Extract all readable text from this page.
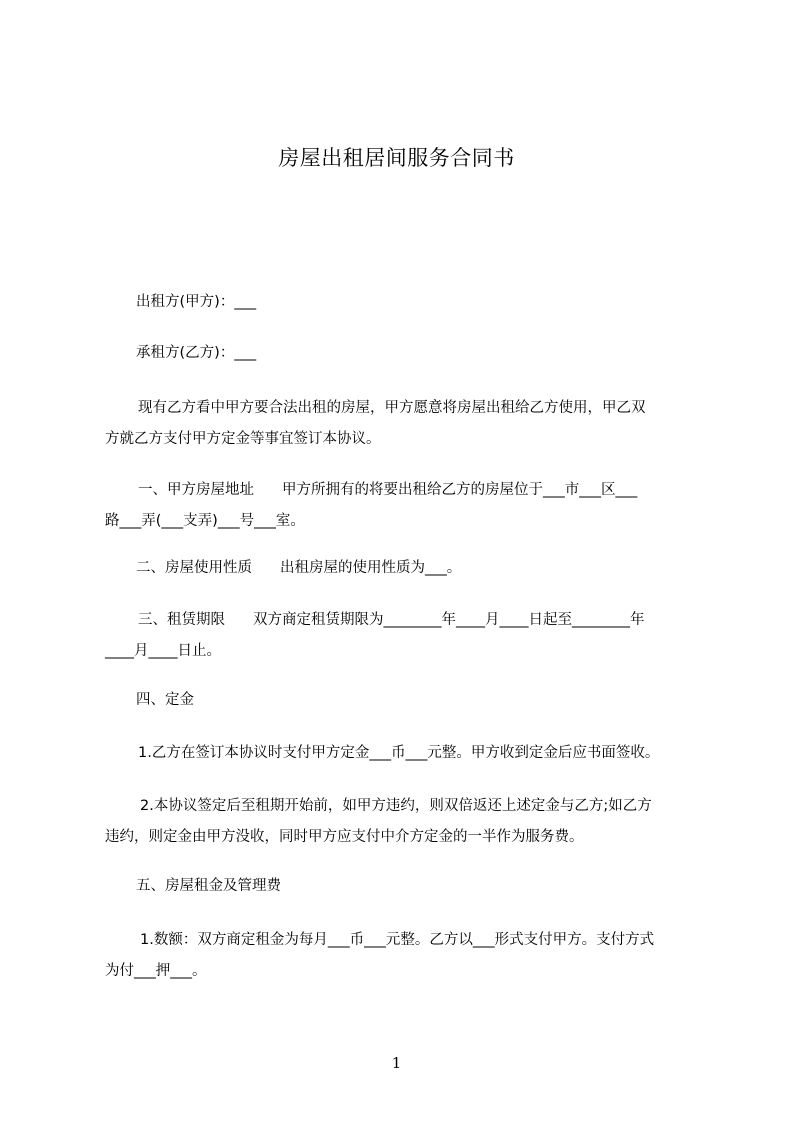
房屋出租居间服务合同书
出租方(甲方)：___
承租方(乙方)：___
现有乙方看中甲方要合法出租的房屋，甲方愿意将房屋出租给乙方使用，甲乙双
方就乙方支付甲方定金等事宜签订本协议。
一、甲方房屋地址 甲方所拥有的将要出租给乙方的房屋位于___市___区___
路___弄(___支弄)___号___室。
二、房屋使用性质 出租房屋的使用性质为___。
三、租赁期限 双方商定租赁期限为________年____月____日起至________年
____月____日止。
四、定金
1.乙方在签订本协议时支付甲方定金___币___元整。甲方收到定金后应书面签收。
2.本协议签定后至租期开始前，如甲方违约，则双倍返还上述定金与乙方;如乙方
违约，则定金由甲方没收，同时甲方应支付中介方定金的一半作为服务费。
五、房屋租金及管理费
1.数额：双方商定租金为每月___币___元整。乙方以___形式支付甲方。支付方式
为付___押___。
1
